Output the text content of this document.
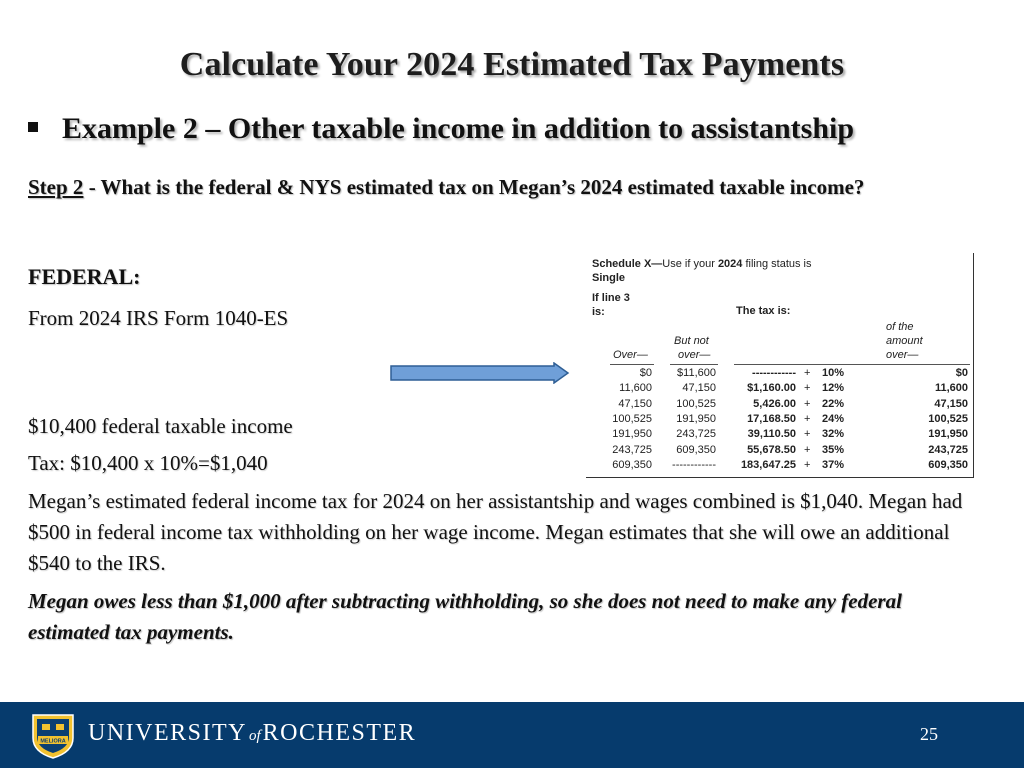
Calculate Your 2024 Estimated Tax Payments
Example 2 – Other taxable income in addition to assistantship
Step 2 - What is the federal & NYS estimated tax on Megan’s 2024 estimated taxable income?
FEDERAL:
From 2024 IRS Form 1040-ES
Schedule X—Use if your 2024 filing status is
Single
If line 3
is:	The tax is:
of the
amount
But not
Over—	over—	over—
$0 $11,600	------------ + 10%	$0
11,600	47,150	$1,160.00 + 12%	11,600
47,150 100,525	5,426.00 + 22%	47,150
100,525 191,950	17,168.50 + 24%	100,525
191,950 243,725	39,110.50 + 32%	191,950
243,725 609,350	55,678.50 + 35%	243,725
609,350 ------------ 183,647.25 + 37%	609,350
$10,400 federal taxable income
Tax: $10,400 x 10%=$1,040
Megan’s estimated federal income tax for 2024 on her assistantship and wages combined is $1,040. Megan had $500 in federal income tax withholding on her wage income. Megan estimates that she will owe an additional $540 to the IRS.
Megan owes less than $1,000 after subtracting withholding, so she does not need to make any federal estimated tax payments.
MELIORA UNIVERSITY ofROCHESTER	25
